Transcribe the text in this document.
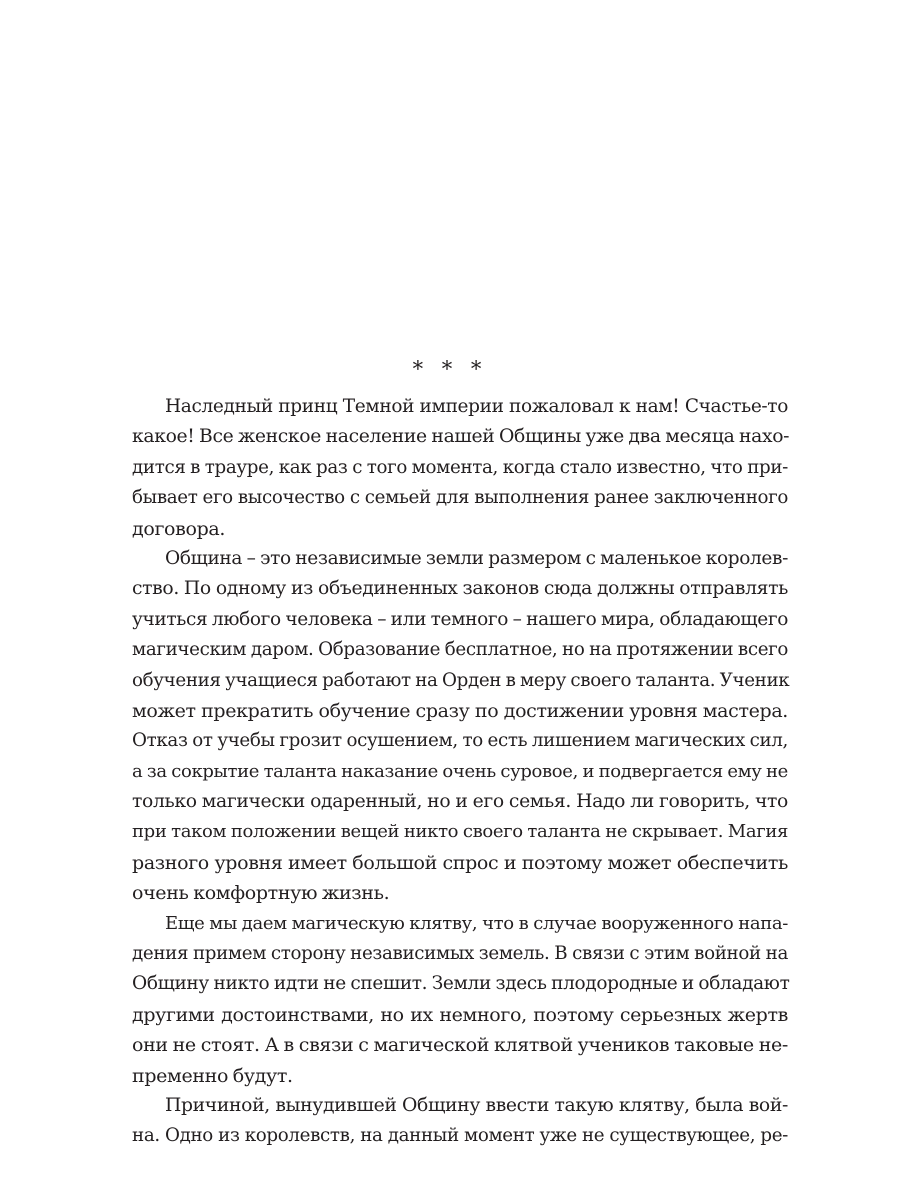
* * *
Наследный принц Темной империи пожаловал к нам! Счастье-то
какое! Все женское население нашей Общины уже два месяца нахо-
дится в трауре, как раз с того момента, когда стало известно, что при-
бывает его высочество с семьей для выполнения ранее заключенного
договора.
Община – это независимые земли размером с маленькое королев-
ство. По одному из объединенных законов сюда должны отправлять
учиться любого человека – или темного – нашего мира, обладающего
магическим даром. Образование бесплатное, но на протяжении всего
обучения учащиеся работают на Орден в меру своего таланта. Ученик
может прекратить обучение сразу по достижении уровня мастера.
Отказ от учебы грозит осушением, то есть лишением магических сил,
а за сокрытие таланта наказание очень суровое, и подвергается ему не
только магически одаренный, но и его семья. Надо ли говорить, что
при таком положении вещей никто своего таланта не скрывает. Магия
разного уровня имеет большой спрос и поэтому может обеспечить
очень комфортную жизнь.
Еще мы даем магическую клятву, что в случае вооруженного напа-
дения примем сторону независимых земель. В связи с этим войной на
Общину никто идти не спешит. Земли здесь плодородные и обладают
другими достоинствами, но их немного, поэтому серьезных жертв
они не стоят. А в связи с магической клятвой учеников таковые не-
пременно будут.
Причиной, вынудившей Общину ввести такую клятву, была вой-
на. Одно из королевств, на данный момент уже не существующее, ре-
